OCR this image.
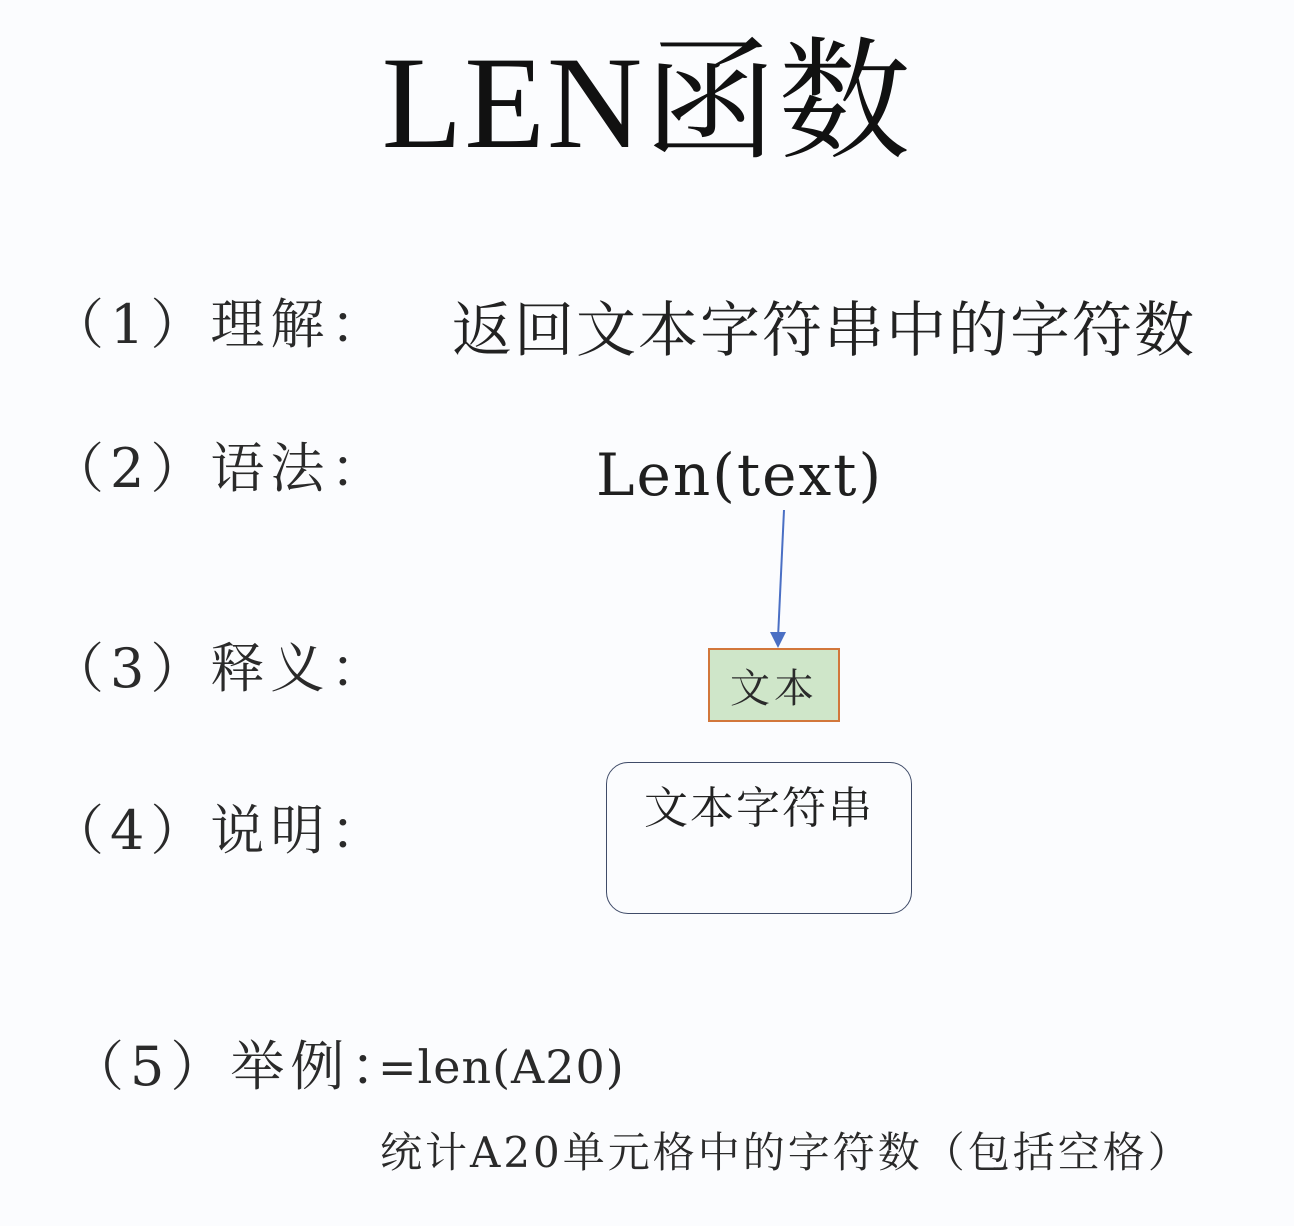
LEN函数
（1）理解： 返回文本字符串中的字符数
（2）语法：	Len(text)
（3）释义：	文本
（4）说明：	文本字符串
（5）举例：
=len(A20)
统计A20单元格中的字符数（包括空格）
